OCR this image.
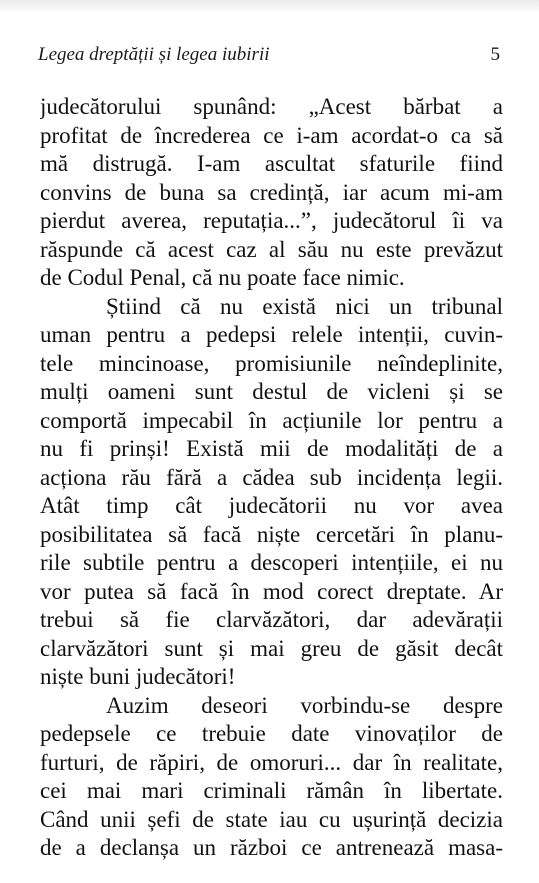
Legea dreptății și legea iubirii	5
judecătorului spunând: „Acest bărbat a
profitat de încrederea ce i-am acordat-o ca să
mă distrugă. I-am ascultat sfaturile fiind
convins de buna sa credință, iar acum mi-am
pierdut averea, reputația...”, judecătorul îi va
răspunde că acest caz al său nu este prevăzut
de Codul Penal, că nu poate face nimic.
Știind că nu există nici un tribunal
uman pentru a pedepsi relele intenții, cuvin-
tele mincinoase, promisiunile neîndeplinite,
mulți oameni sunt destul de vicleni și se
comportă impecabil în acțiunile lor pentru a
nu fi prinși! Există mii de modalități de a
acționa rău fără a cădea sub incidența legii.
Atât timp cât judecătorii nu vor avea
posibilitatea să facă niște cercetări în planu-
rile subtile pentru a descoperi intențiile, ei nu
vor putea să facă în mod corect dreptate. Ar
trebui să fie clarvăzători, dar adevărații
clarvăzători sunt și mai greu de găsit decât
niște buni judecători!
Auzim deseori vorbindu-se despre
pedepsele ce trebuie date vinovaților de
furturi, de răpiri, de omoruri... dar în realitate,
cei mai mari criminali rămân în libertate.
Când unii șefi de state iau cu ușurință decizia
de a declanșa un război ce antrenează masa-
